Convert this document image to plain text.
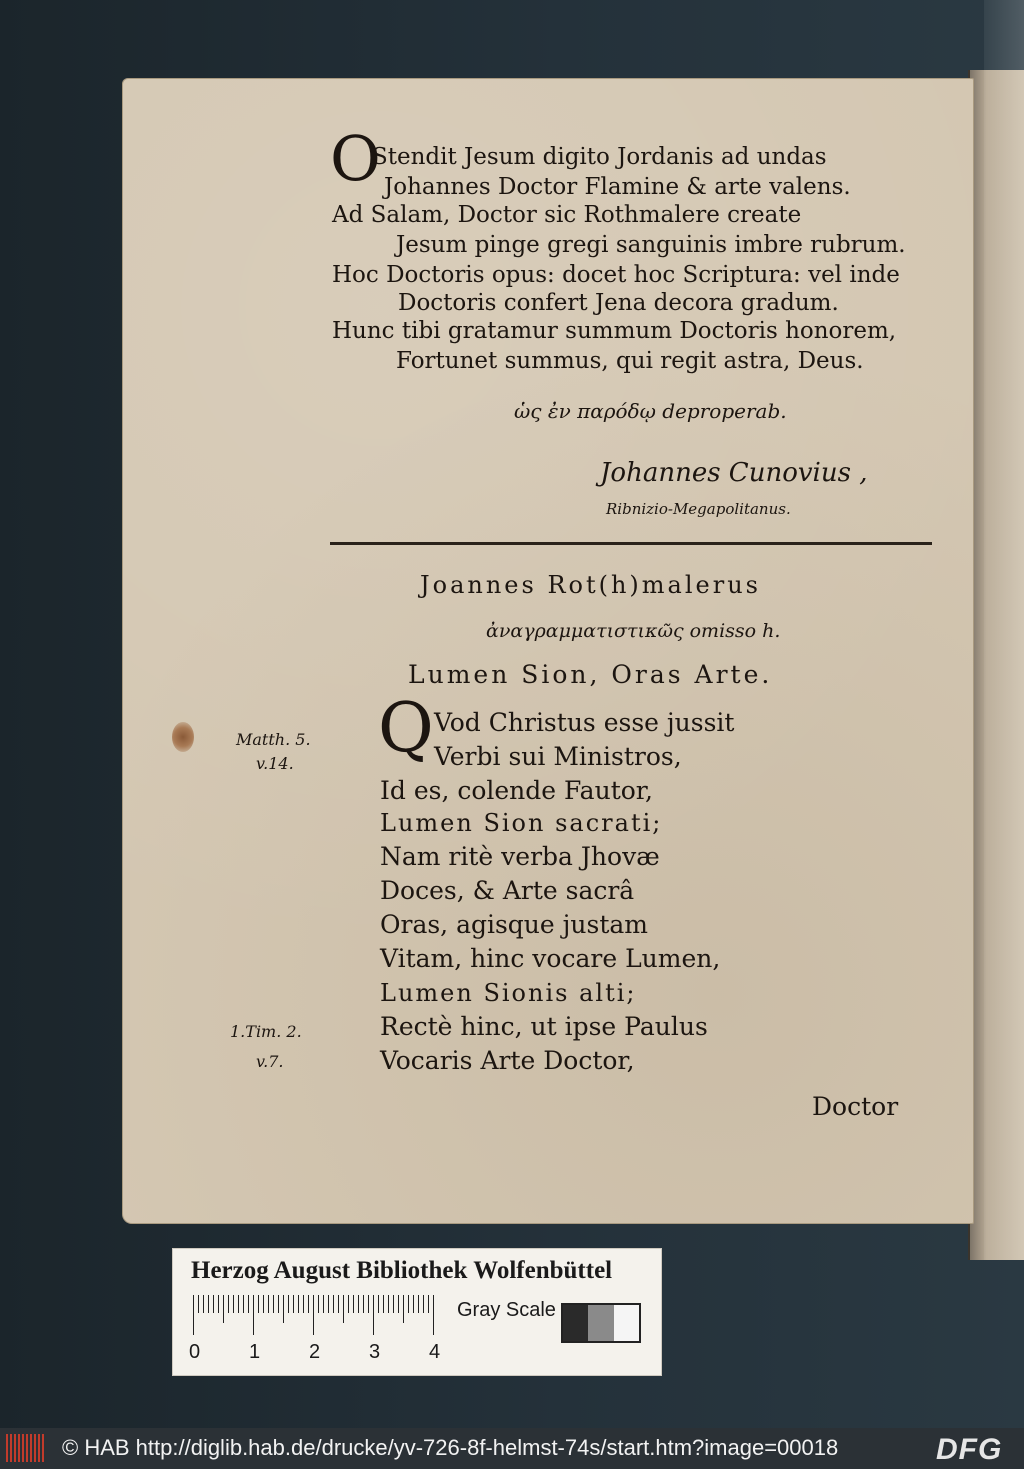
O
Stendit Jesum digito Jordanis ad undas
Johannes Doctor Flamine & arte valens.
Ad Salam, Doctor sic Rothmalere create
Jesum pinge gregi sanguinis imbre rubrum.
Hoc Doctoris opus: docet hoc Scriptura: vel inde
Doctoris confert Jena decora gradum.
Hunc tibi gratamur summum Doctoris honorem,
Fortunet summus, qui regit astra, Deus.
ὡς ἐν παρόδῳ deproperab.
Johannes Cunovius ,
Ribnizio-Megapolitanus.
Joannes Rot(h)malerus
ἀναγραμματιστικῶς omisso h.
Lumen Sion, Oras Arte.
Q Vod Christus esse jussit
Verbi sui Ministros,
Id es, colende Fautor,
Lumen Sion sacrati;
Nam ritè verba Jhovæ
Doces, & Arte sacrâ
Oras, agisque justam
Vitam, hinc vocare Lumen,
Lumen Sionis alti;
Rectè hinc, ut ipse Paulus
Vocaris Arte Doctor,
Matth. 5.
v.14.
1.Tim. 2.
v.7.
Doctor
Herzog August Bibliothek Wolfenbüttel
0 1 2 3 4
Gray Scale
© HAB http://diglib.hab.de/drucke/yv-726-8f-helmst-74s/start.htm?image=00018	DFG
